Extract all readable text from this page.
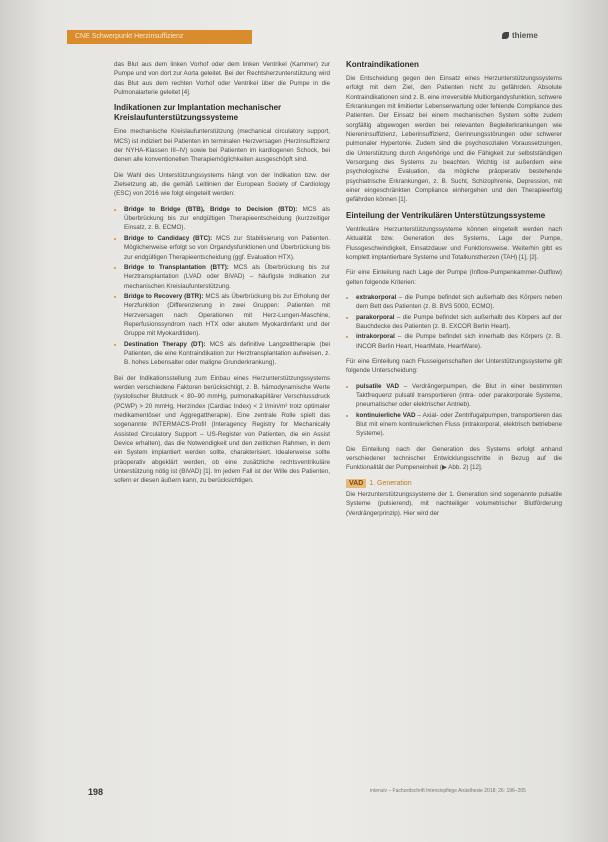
CNE Schwerpunkt Herzinsuffizienz	thieme

das Blut aus dem linken Vorhof oder dem linken Ventrikel (Kammer) zur Pumpe und von dort zur Aorta geleitet. Bei der Rechtsherzunterstützung wird das Blut aus dem rechten Vorhof oder Ventrikel über die Pumpe in die Pulmonalarterie geleitet [4].

Indikationen zur Implantation mechanischer Kreislaufunterstützungssysteme

Eine mechanische Kreislaufunterstützung (mechanical circulatory support, MCS) ist indiziert bei Patienten im terminalen Herzversagen (Herzinsuffizienz der NYHA-Klassen III–IV) sowie bei Patienten im kardiogenen Schock, bei denen alle konventionellen Therapiemöglichkeiten ausgeschöpft sind.

Die Wahl des Unterstützungssystems hängt von der Indikation bzw. der Zielsetzung ab, die gemäß Leitlinien der European Society of Cardiology (ESC) von 2016 wie folgt eingeteilt werden:

• Bridge to Bridge (BTB), Bridge to Decision (BTD): MCS als Überbrückung bis zur endgültigen Therapieentscheidung (kurzzeitiger Einsatz, z. B. ECMO).
• Bridge to Candidacy (BTC): MCS zur Stabilisierung von Patienten. Möglicherweise erfolgt so von Organdysfunktionen und Überbrückung bis zur endgültigen Therapieentscheidung (ggf. Evaluation HTX).
• Bridge to Transplantation (BTT): MCS als Überbrückung bis zur Herztransplantation (LVAD oder BiVAD) – häufigste Indikation zur mechanischen Kreislaufunterstützung.
• Bridge to Recovery (BTR): MCS als Überbrückung bis zur Erholung der Herzfunktion (Differenzierung in zwei Gruppen: Patienten mit Herzversagen nach Operationen mit Herz-Lungen-Maschine, Reperfusionssyndrom nach HTX oder akutem Myokardinfarkt und der Gruppe mit Myokarditiden).
• Destination Therapy (DT): MCS als definitive Langzeittherapie (bei Patienten, die eine Kontraindikation zur Herztransplantation aufweisen, z. B. hohes Lebensalter oder maligne Grunderkrankung).

Bei der Indikationsstellung zum Einbau eines Herzunterstützungssystems werden verschiedene Faktoren berücksichtigt, z. B. hämodynamische Werte (systolischer Blutdruck < 80–90 mmHg, pulmonalkapillärer Verschlussdruck (PCWP) > 20 mmHg, Herzindex (Cardiac Index) < 2 l/min/m² trotz optimaler medikamentöser und Aggregattherapie). Eine zentrale Rolle spielt das sogenannte INTERMACS-Profil (Interagency Registry for Mechanically Assisted Circulatory Support – US-Register von Patienten, die ein Assist Device erhalten), das die Notwendigkeit und den zeitlichen Rahmen, in dem ein System implantiert werden sollte, charakterisiert. Idealerweise sollte präoperativ abgeklärt werden, ob eine zusätzliche rechtsventrikuläre Unterstützung nötig ist (BiVAD) [1]. Im jedem Fall ist der Wille des Patienten, sofern er diesen äußern kann, zu berücksichtigen.

Kontraindikationen

Die Entscheidung gegen den Einsatz eines Herzunterstützungssystems erfolgt mit dem Ziel, den Patienten nicht zu gefährden. Absolute Kontraindikationen sind z. B. eine irreversible Multiorgandysfunktion, schwere Erkrankungen mit limitierter Lebenserwartung oder fehlende Compliance des Patienten. Der Einsatz bei einem mechanischen System sollte zudem sorgfältig abgewogen werden bei relevanten Begleiterkrankungen wie Niereninsuffizienz, Leberinsuffizienz, Gerinnungsstörungen oder schwerer pulmonaler Hypertonie. Zudem sind die psychosozialen Voraussetzungen, die Unterstützung durch Angehörige und die Fähigkeit zur selbstständigen Versorgung des Systems zu beachten. Wichtig ist außerdem eine psychologische Evaluation, da mögliche präoperativ bestehende psychiatrische Erkrankungen, z. B. Sucht, Schizophrenie, Depression, mit einer eingeschränkten Compliance einhergehen und den Therapieerfolg gefährden können [1].

Einteilung der Ventrikulären Unterstützungssysteme

Ventrikuläre Herzunterstützungssysteme können eingeteilt werden nach Aktualität bzw. Generation des Systems, Lage der Pumpe, Flussgeschwindigkeit, Einsatzdauer und Funktionsweise. Weiterhin gibt es komplett implantierbare Systeme und Totalkunstherzen (TAH) [1], [2].

Für eine Einteilung nach Lage der Pumpe (Inflow-Pumpenkammer-Outflow) gelten folgende Kriterien:

• extrakorporal – die Pumpe befindet sich außerhalb des Körpers neben dem Bett des Patienten (z. B. BVS 5000, ECMO).
• parakorporal – die Pumpe befindet sich außerhalb des Körpers auf der Bauchdecke des Patienten (z. B. EXCOR Berlin Heart).
• intrakorporal – die Pumpe befindet sich innerhalb des Körpers (z. B. INCOR Berlin Heart, HeartMate, HeartWare).

Für eine Einteilung nach Flusseigenschaften der Unterstützungssysteme gilt folgende Unterscheidung:

• pulsatile VAD – Verdrängerpumpen, die Blut in einer bestimmten Taktfrequenz pulsatil transportieren (intra- oder parakorporale Systeme, pneumatischer oder elektrischer Antrieb).
• kontinuierliche VAD – Axial- oder Zentrifugalpumpen, transportieren das Blut mit einem kontinuierlichen Fluss (intrakorporal, elektrisch betriebene Systeme).

Die Einteilung nach der Generation des Systems erfolgt anhand verschiedener technischer Entwicklungsschritte in Bezug auf die Funktionalität der Pumpeneinheit (▶ Abb. 2) [12].

VAD 1. Generation

Die Herzunterstützungssysteme der 1. Generation sind sogenannte pulsatile Systeme (pulsierend), mit nachteiliger volumetrischer Blutförderung (Verdrängerprinzip). Hier wird der

198	intensiv – Fachzeitschrift Intensivpflege Anästhesie 2018; 26: 196–205
